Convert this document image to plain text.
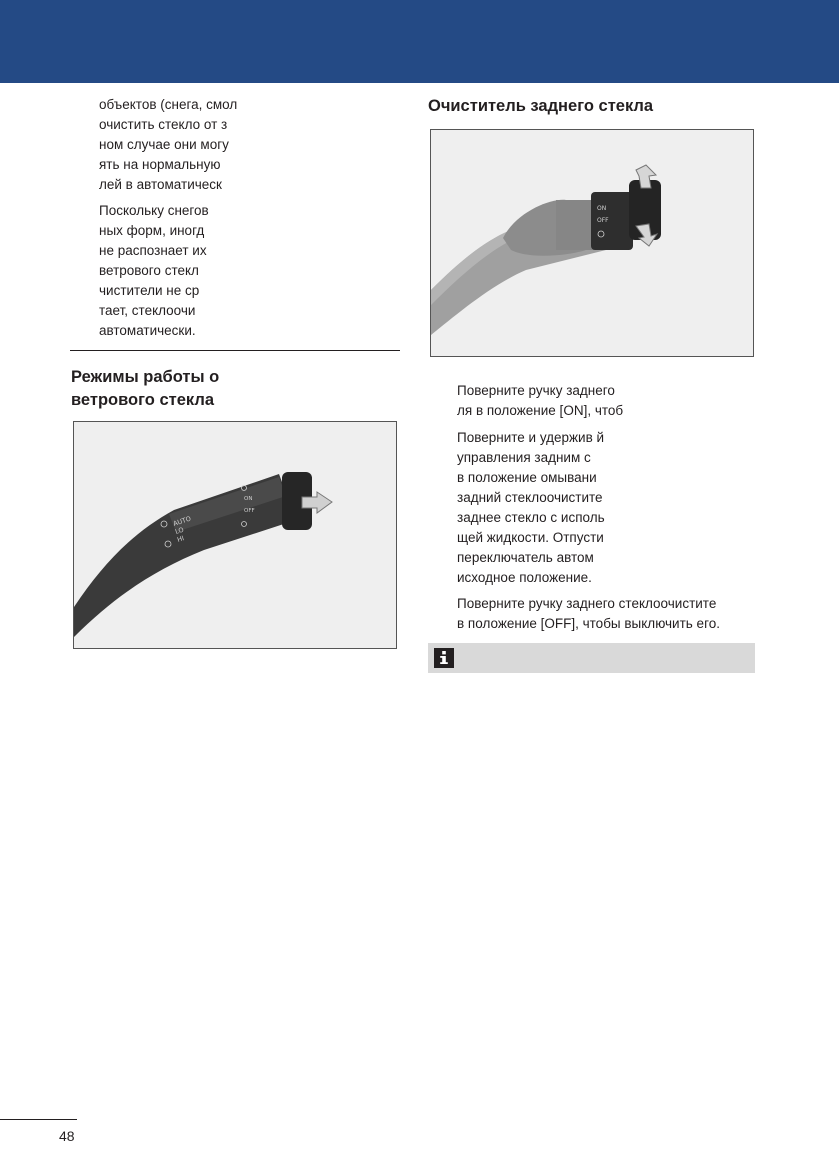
объектов (снега, смол
очистить стекло от з
ном случае они могу
ять на нормальную
лей в автоматическ
Поскольку снегов
ных форм, иногд
не распознает их
ветрового стекл
чистители не ср
тает, стеклоочи
автоматически.
Режимы работы о
ветрового стекла
AUTO
LO
HI
ON
OFF
Очиститель заднего стекла
ON
OFF
Поверните ручку заднего
ля в положение [ON], чтоб
Поверните и удержив й
управления задним с
в положение омывани
задний стеклоочистите
заднее стекло с исполь
щей жидкости. Отпусти
переключатель автом
исходное положение.
Поверните ручку заднего стеклоочистите
в положение [OFF], чтобы выключить его.
48
